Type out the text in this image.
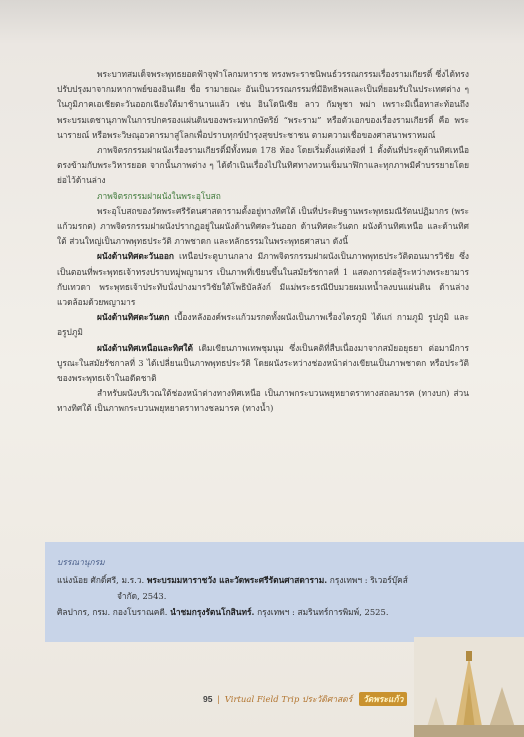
พระบาทสมเด็จพระพุทธยอดฟ้าจุฬาโลกมหาราช ทรงพระราชนิพนธ์วรรณกรรมเรื่องรามเกียรติ์ ซึ่งได้ทรงปรับปรุงมาจากมหากาพย์ของอินเดีย ชื่อ รามายณะ อันเป็นวรรณกรรมที่มีอิทธิพลและเป็นที่ยอมรับในประเทศต่าง ๆ ในภูมิภาคเอเชียตะวันออกเฉียงใต้มาช้านานแล้ว เช่น อินโดนีเซีย ลาว กัมพูชา พม่า เพราะมีเนื้อหาสะท้อนถึงพระบรมเดชานุภาพในการปกครองแผ่นดินของพระมหากษัตริย์ “พระราม” หรือตัวเอกของเรื่องรามเกียรติ์ คือ พระนารายณ์ หรือพระวิษณุอวตารมาสู่โลกเพื่อปราบทุกข์บำรุงสุขประชาชน ตามความเชื่อของศาสนาพราหมณ์

ภาพจิตรกรรมฝาผนังเรื่องรามเกียรติ์มีทั้งหมด 178 ห้อง โดยเริ่มตั้งแต่ห้องที่ 1 ตั้งต้นที่ประตูด้านทิศเหนือตรงข้ามกับพระวิหารยอด จากนั้นภาพต่าง ๆ ได้ดำเนินเรื่องไปในทิศทางทวนเข็มนาฬิกาและทุกภาพมีคำบรรยายโดยย่อไว้ด้านล่าง

ภาพจิตรกรรมฝาผนังในพระอุโบสถ

พระอุโบสถของวัดพระศรีรัตนศาสดารามตั้งอยู่ทางทิศใต้ เป็นที่ประดิษฐานพระพุทธมณีรัตนปฏิมากร (พระแก้วมรกต) ภาพจิตรกรรมฝาผนังปรากฏอยู่ในผนังด้านทิศตะวันออก ด้านทิศตะวันตก ผนังด้านทิศเหนือ และด้านทิศใต้ ส่วนใหญ่เป็นภาพพุทธประวัติ ภาพชาดก และหลักธรรมในพระพุทธศาสนา ดังนี้

ผนังด้านทิศตะวันออก เหนือประตูบานกลาง มีภาพจิตรกรรมฝาผนังเป็นภาพพุทธประวัติตอนมารวิชัย ซึ่งเป็นตอนที่พระพุทธเจ้าทรงปราบหมู่พญามาร เป็นภาพที่เขียนขึ้นในสมัยรัชกาลที่ 1 แสดงการต่อสู้ระหว่างพระยามารกับเทวดา พระพุทธเจ้าประทับนั่งปางมารวิชัยใต้โพธิบัลลังก์ มีแม่พระธรณีบีบมวยผมเทน้ำลงบนแผ่นดิน ด้านล่างแวดล้อมด้วยพญามาร

ผนังด้านทิศตะวันตก เบื้องหลังองค์พระแก้วมรกตทั้งผนังเป็นภาพเรื่องไตรภูมิ ได้แก่ กามภูมิ รูปภูมิ และอรูปภูมิ

ผนังด้านทิศเหนือและทิศใต้ เดิมเขียนภาพเทพชุมนุม ซึ่งเป็นคติที่สืบเนื่องมาจากสมัยอยุธยา ต่อมามีการบูรณะในสมัยรัชกาลที่ 3 ได้เปลี่ยนเป็นภาพพุทธประวัติ โดยผนังระหว่างช่องหน้าต่างเขียนเป็นภาพชาดก หรือประวัติของพระพุทธเจ้าในอดีตชาติ

สำหรับผนังบริเวณใต้ช่องหน้าต่างทางทิศเหนือ เป็นภาพกระบวนพยุหยาตราทางสถลมารค (ทางบก) ส่วนทางทิศใต้ เป็นภาพกระบวนพยุหยาตราทางชลมารค (ทางน้ำ)

บรรณานุกรม

แน่งน้อย ศักดิ์ศรี, ม.ร.ว. พระบรมมหาราชวัง และวัดพระศรีรัตนศาสดาราม. กรุงเทพฯ : ริเวอร์บุ๊คส์

จำกัด, 2543.

ศิลปากร, กรม. กองโบราณคดี. นำชมกรุงรัตนโกสินทร์. กรุงเทพฯ : สมรินทร์การพิมพ์, 2525.

95 | Virtual Field Trip ประวัติศาสตร์ วัดพระแก้ว
